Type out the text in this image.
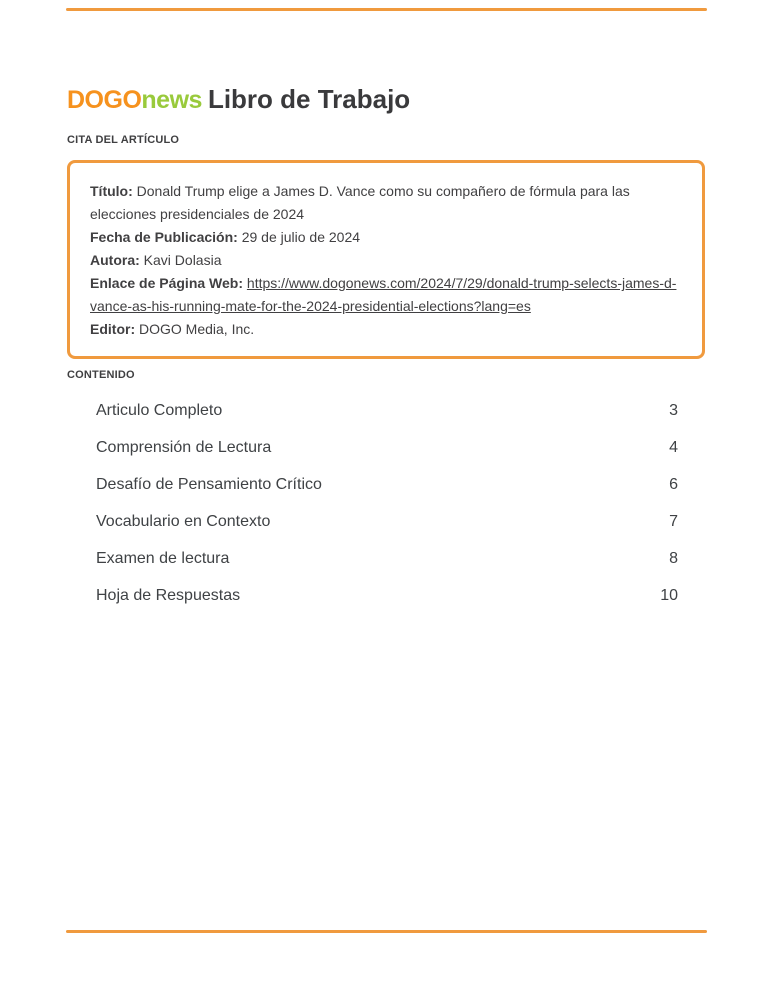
DOGOnews Libro de Trabajo
CITA DEL ARTÍCULO
Título: Donald Trump elige a James D. Vance como su compañero de fórmula para las elecciones presidenciales de 2024
Fecha de Publicación: 29 de julio de 2024
Autora: Kavi Dolasia
Enlace de Página Web: https://www.dogonews.com/2024/7/29/donald-trump-selects-james-d-vance-as-his-running-mate-for-the-2024-presidential-elections?lang=es
Editor: DOGO Media, Inc.
CONTENIDO
Articulo Completo	3
Comprensión de Lectura	4
Desafío de Pensamiento Crítico	6
Vocabulario en Contexto	7
Examen de lectura	8
Hoja de Respuestas	10
